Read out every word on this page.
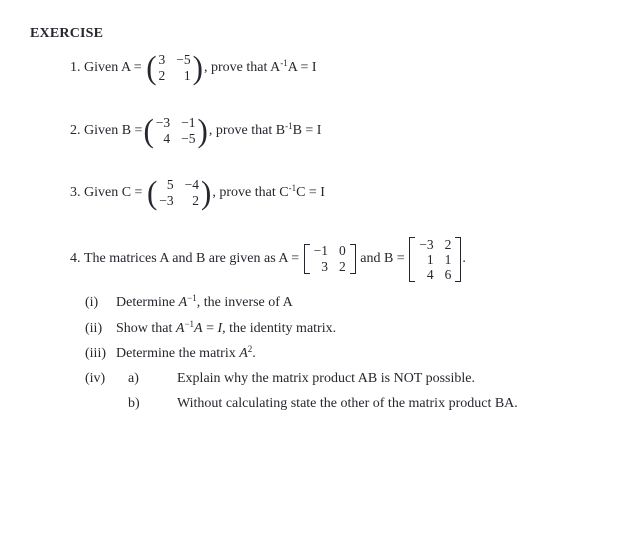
EXERCISE
1. Given A = ( 3 −5
2 1 ) , prove that A -1 A = I
2. Given B = ( −3 −1
4 −5 ) , prove that B -1 B = I
3. Given C = ( 5 −4
−3 2 ) , prove that C -1 C = I
4. The matrices A and B are given as A =
−1 0
3 2
and B =
−3 2
1 1
4 6
.
(i)	Determine A −1 , the inverse of A
(ii) Show that A −1 A = I , the identity matrix.
(iii) Determine the matrix A 2 .
(iv)	a)	Explain why the matrix product AB is NOT possible.
b)	Without calculating state the other of the matrix product BA.
